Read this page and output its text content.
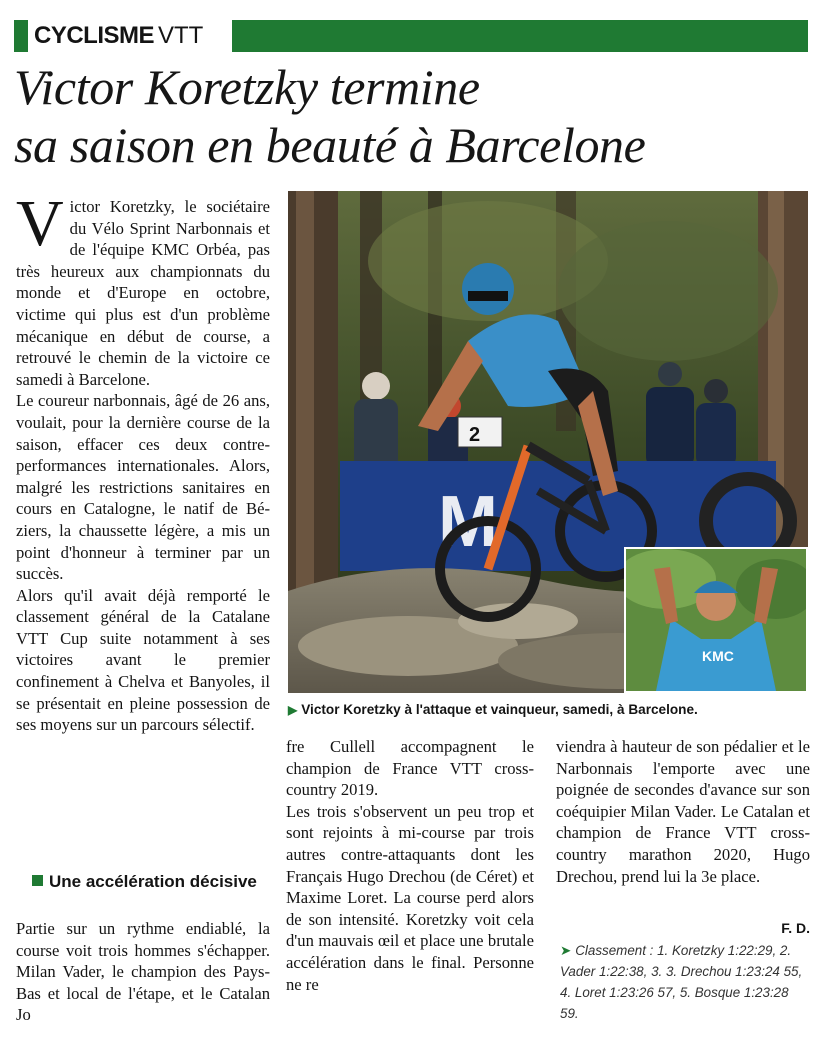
CYCLISME VTT
Victor Koretzky termine
sa saison en beauté à Barcelone

Victor Koretzky, le sociétaire du Vélo Sprint Narbonnais et de l'équipe KMC Orbéa, pas très heureux aux championnats du monde et d'Europe en octobre, victime qui plus est d'un problème mécanique en début de course, a retrouvé le chemin de la victoire ce samedi à Barcelone.

Le coureur narbonnais, âgé de 26 ans, voulait, pour la dernière course de la saison, effacer ces deux contre-performances internationales. Alors, malgré les restrictions sanitaires en cours en Catalogne, le natif de Béziers, la chaussette légère, a mis un point d'honneur à terminer par un succès.

Alors qu'il avait déjà remporté le classement général de la Catalane VTT Cup suite notamment à ses victoires avant le premier confinement à Chelva et Banyoles, il se présentait en pleine possession de ses moyens sur un parcours sélectif.

Une accélération décisive

Partie sur un rythme endiablé, la course voit trois hommes s'échapper. Milan Vader, le champion des Pays-Bas et local de l'étape, et le Catalan Jo

M
2
KMC
▶ Victor Koretzky à l'attaque et vainqueur, samedi, à Barcelone.

fre Cullell accompagnent le champion de France VTT cross-country 2019.

Les trois s'observent un peu trop et sont rejoints à mi-course par trois autres contre-attaquants dont les Français Hugo Drechou (de Céret) et Maxime Loret. La course perd alors de son intensité. Koretzky voit cela d'un mauvais œil et place une brutale accélération dans le final. Personne ne re

viendra à hauteur de son pédalier et le Narbonnais l'emporte avec une poignée de secondes d'avance sur son coéquipier Milan Vader. Le Catalan et champion de France VTT cross-country marathon 2020, Hugo Drechou, prend lui la 3e place.

F. D.
➤ Classement : 1. Koretzky 1:22:29, 2. Vader 1:22:38, 3. 3. Drechou 1:23:24 55, 4. Loret 1:23:26 57, 5. Bosque 1:23:28 59.
